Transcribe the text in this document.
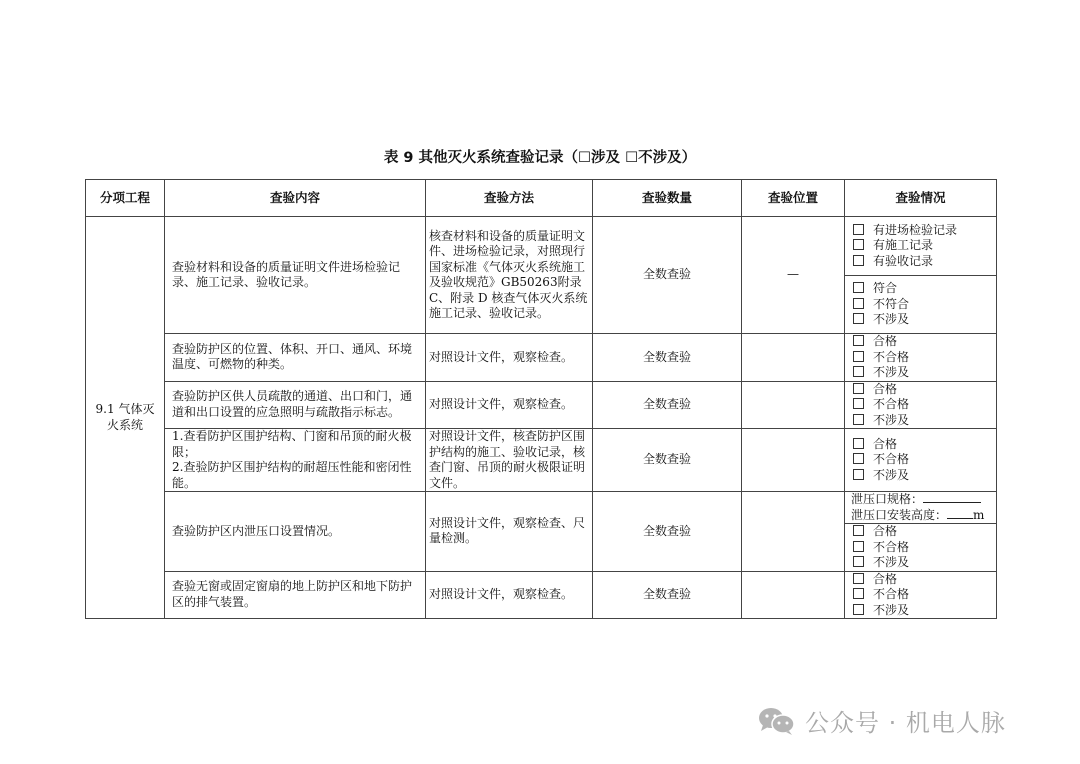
表 9 其他灭火系统查验记录（☐涉及 ☐不涉及）
分项工程	查验内容	查验方法	查验数量	查验位置	查验情况
9.1 气体灭火系统	查验材料和设备的质量证明文件进场检验记录、施工记录、验收记录。	核查材料和设备的质量证明文件、进场检验记录，对照现行国家标准《气体灭火系统施工及验收规范》GB50263附录 C、附录 D 核查气体灭火系统施工记录、验收记录。	全数查验	—	有进场检验记录
有施工记录
有验收记录

					符合
不符合
不涉及

	查验防护区的位置、体积、开口、通风、环境温度、可燃物的种类。	对照设计文件，观察检查。	全数查验		合格
不合格
不涉及

	查验防护区供人员疏散的通道、出口和门，通道和出口设置的应急照明与疏散指示标志。	对照设计文件，观察检查。	全数查验		合格
不合格
不涉及

	1.查看防护区围护结构、门窗和吊顶的耐火极限；
2.查验防护区围护结构的耐超压性能和密闭性能。	对照设计文件，核查防护区围护结构的施工、验收记录，核查门窗、吊顶的耐火极限证明文件。	全数查验		合格
不合格
不涉及

	查验防护区内泄压口设置情况。	对照设计文件，观察检查、尺量检测。	全数查验		泄压口规格：
泄压口安装高度： m

					合格
不合格
不涉及

	查验无窗或固定窗扇的地上防护区和地下防护区的排气装置。	对照设计文件，观察检查。	全数查验		合格
不合格
不涉及
公众号 · 机电人脉
